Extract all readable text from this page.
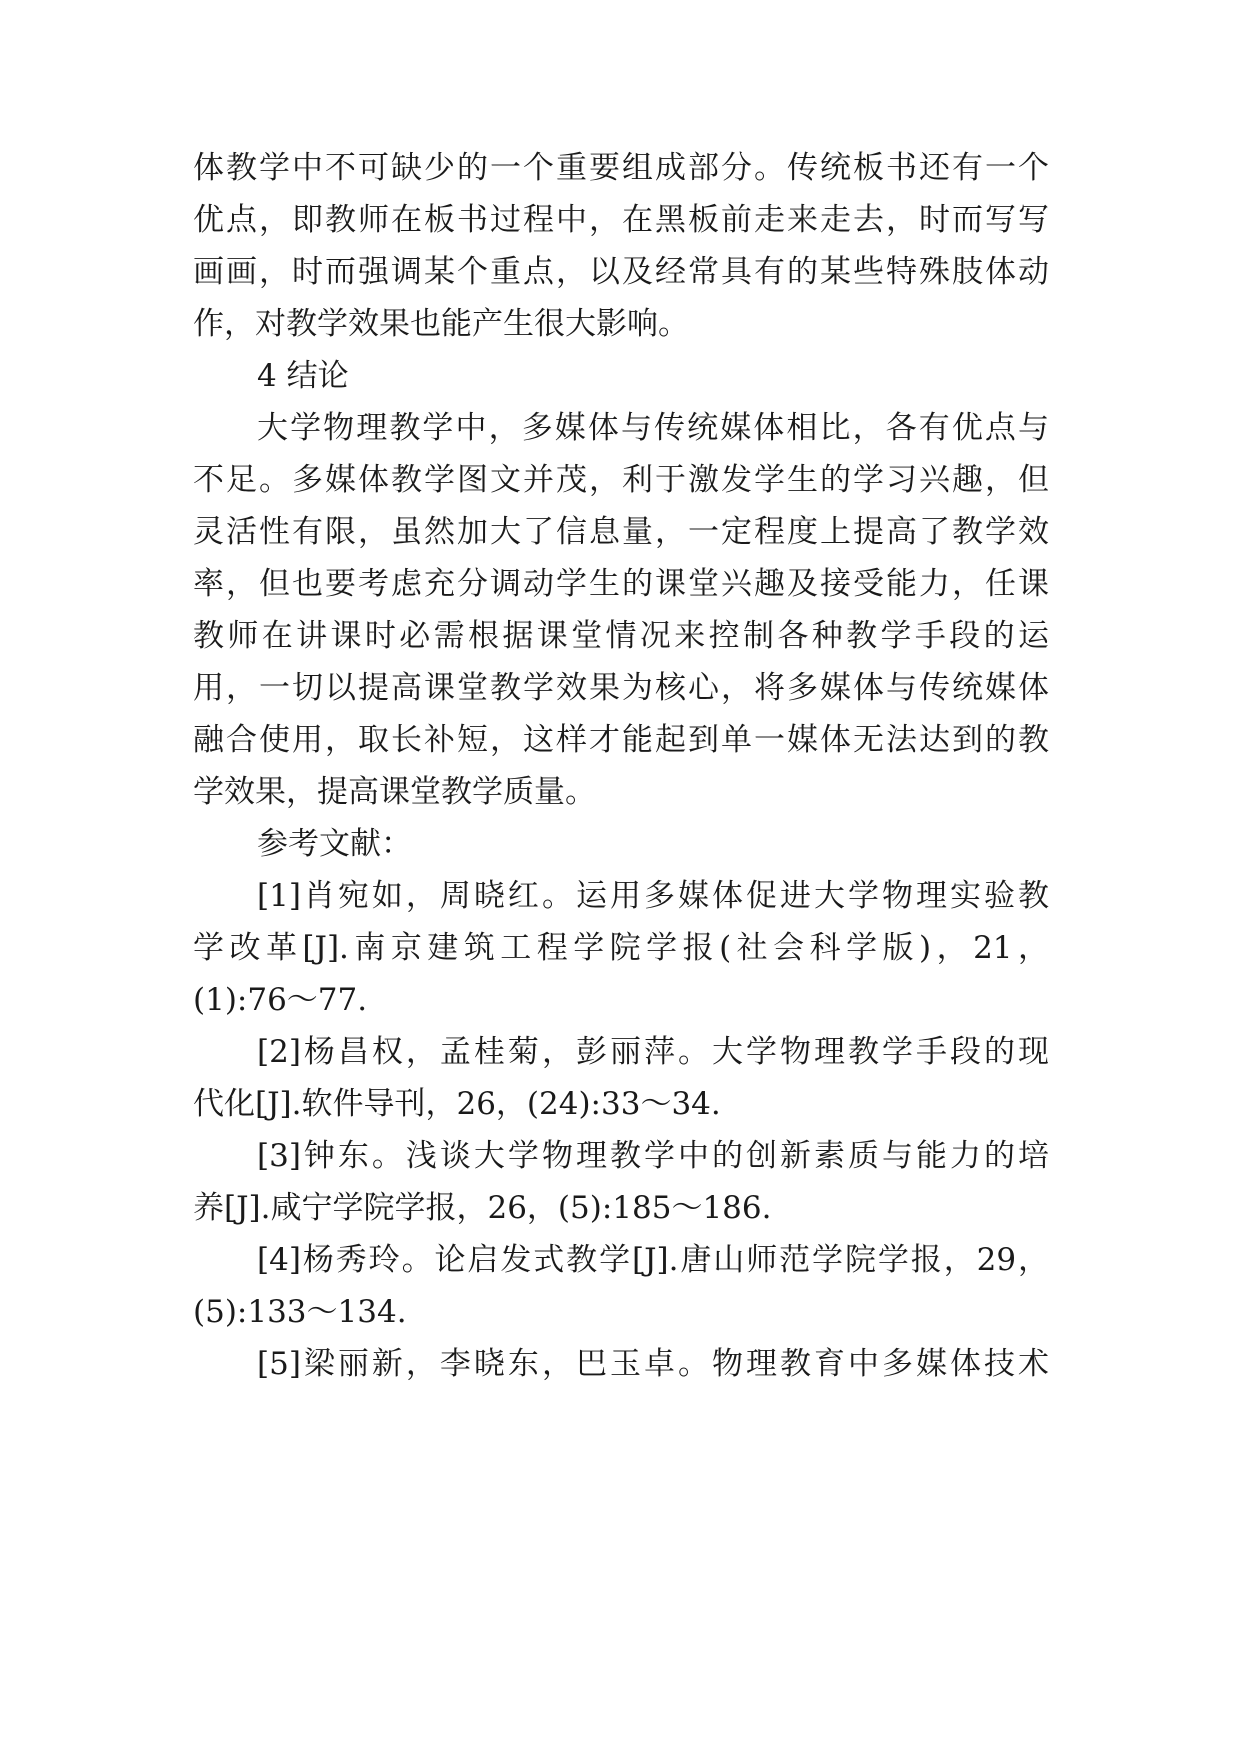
体教学中不可缺少的一个重要组成部分。传统板书还有一个
优点，即教师在板书过程中，在黑板前走来走去，时而写写
画画，时而强调某个重点，以及经常具有的某些特殊肢体动
作，对教学效果也能产生很大影响。
4 结论
大学物理教学中，多媒体与传统媒体相比，各有优点与
不足。多媒体教学图文并茂，利于激发学生的学习兴趣，但
灵活性有限，虽然加大了信息量，一定程度上提高了教学效
率，但也要考虑充分调动学生的课堂兴趣及接受能力，任课
教师在讲课时必需根据课堂情况来控制各种教学手段的运
用，一切以提高课堂教学效果为核心，将多媒体与传统媒体
融合使用，取长补短，这样才能起到单一媒体无法达到的教
学效果，提高课堂教学质量。
参考文献：
[1]肖宛如，周晓红。运用多媒体促进大学物理实验教
学改革[J].南京建筑工程学院学报(社会科学版)，21，
(1):76～77.
[2]杨昌权，孟桂菊，彭丽萍。大学物理教学手段的现
代化[J].软件导刊，26，(24):33～34.
[3]钟东。浅谈大学物理教学中的创新素质与能力的培
养[J].咸宁学院学报，26，(5):185～186.
[4]杨秀玲。论启发式教学[J].唐山师范学院学报，29，
(5):133～134.
[5]梁丽新，李晓东，巴玉卓。物理教育中多媒体技术
